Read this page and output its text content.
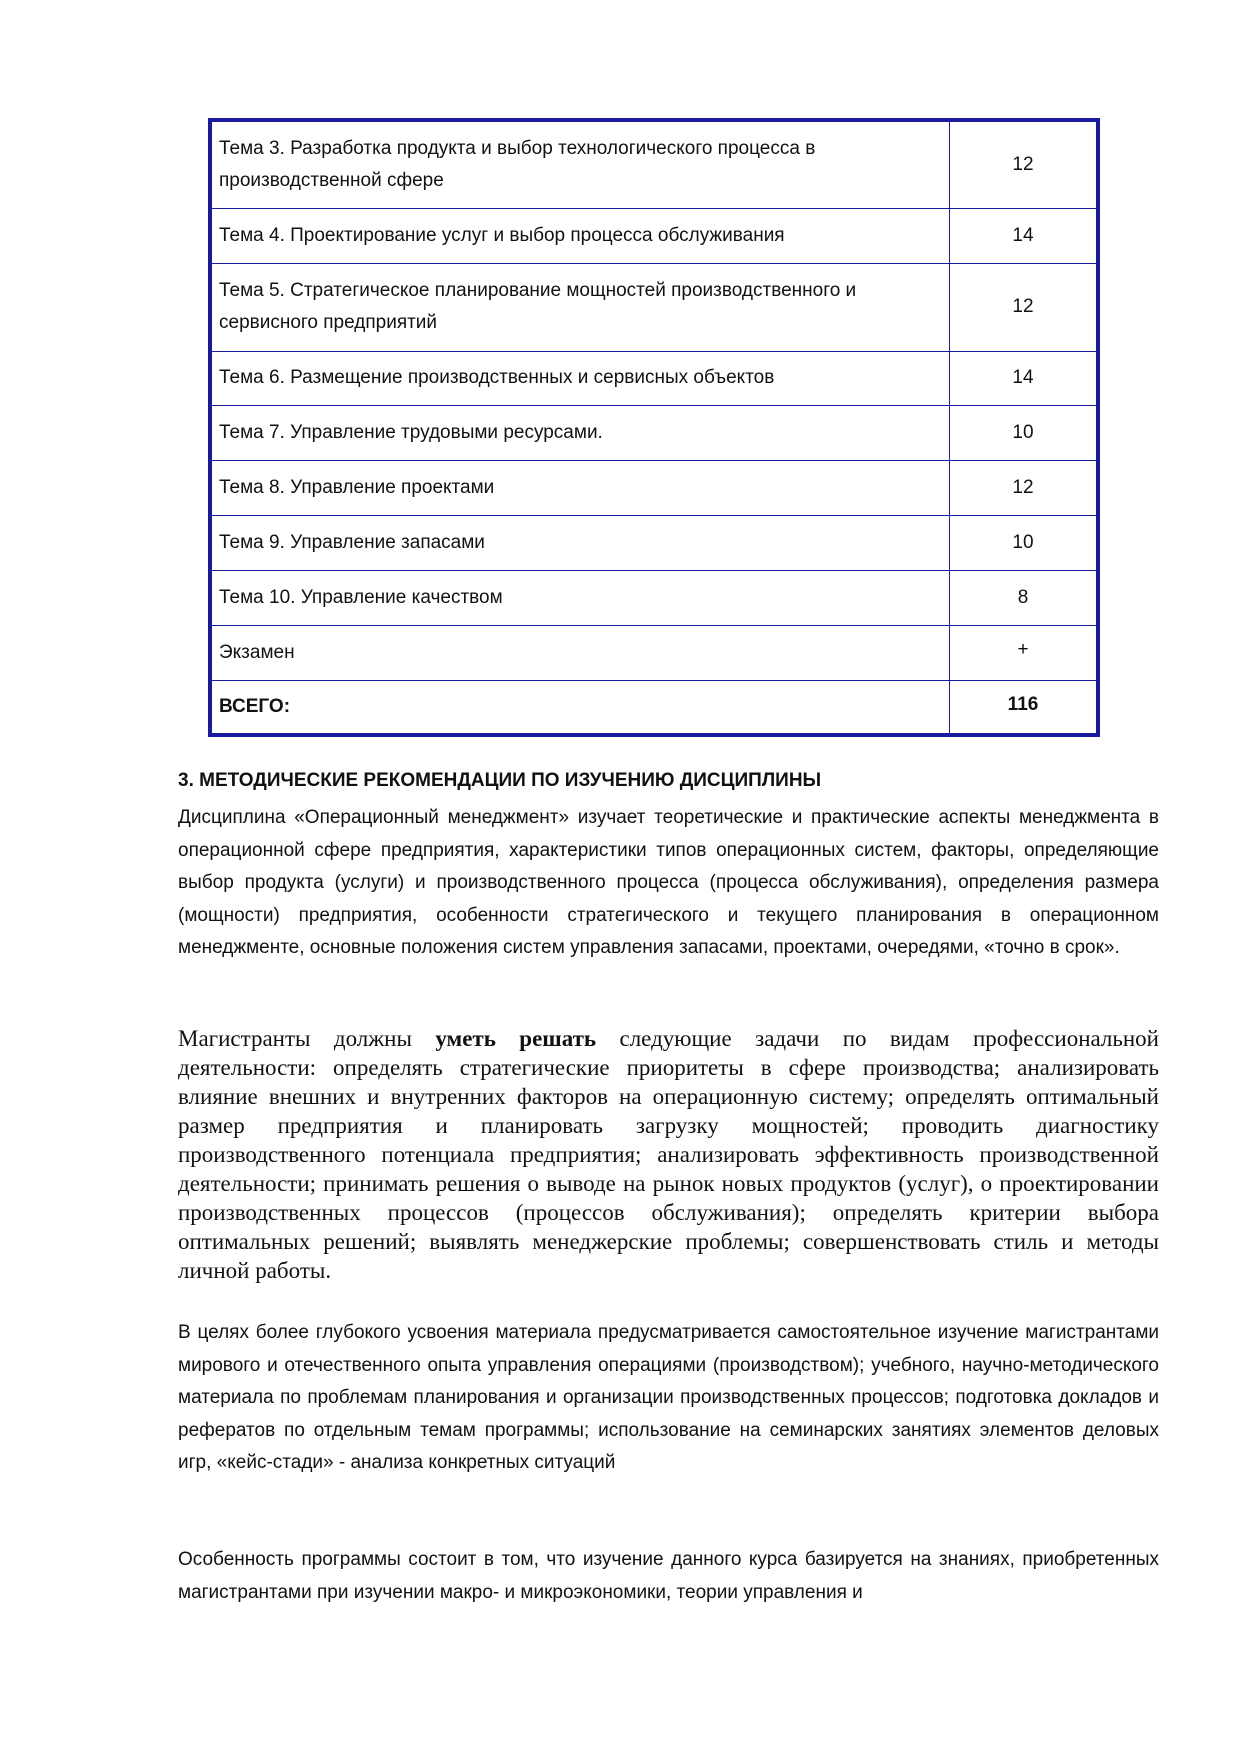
Тема 3. Разработка продукта и выбор технологического процесса в производственной сфере	12
Тема 4. Проектирование услуг и выбор процесса обслуживания	14
Тема 5. Стратегическое планирование мощностей производственного и сервисного предприятий	12
Тема 6. Размещение производственных и сервисных объектов	14
Тема 7. Управление трудовыми ресурсами.	10
Тема 8. Управление проектами	12
Тема 9. Управление запасами	10
Тема 10. Управление качеством	8
Экзамен	+
ВСЕГО:	116
3. МЕТОДИЧЕСКИЕ РЕКОМЕНДАЦИИ ПО ИЗУЧЕНИЮ ДИСЦИПЛИНЫ
Дисциплина «Операционный менеджмент» изучает теоретические и практические аспекты менеджмента в операционной сфере предприятия, характеристики типов операционных систем, факторы, определяющие выбор продукта (услуги) и производственного процесса (процесса обслуживания), определения размера (мощности) предприятия, особенности стратегического и текущего планирования в операционном менеджменте, основные положения систем управления запасами, проектами, очередями, «точно в срок».
Магистранты должны уметь решать следующие задачи по видам профессиональной деятельности: определять стратегические приоритеты в сфере производства; анализировать влияние внешних и внутренних факторов на операционную систему; определять оптимальный размер предприятия и планировать загрузку мощностей; проводить диагностику производственного потенциала предприятия; анализировать эффективность производственной деятельности; принимать решения о выводе на рынок новых продуктов (услуг), о проектировании производственных процессов (процессов обслуживания); определять критерии выбора оптимальных решений; выявлять менеджерские проблемы; совершенствовать стиль и методы личной работы.
В целях более глубокого усвоения материала предусматривается самостоятельное изучение магистрантами мирового и отечественного опыта управления операциями (производством); учебного, научно-методического материала по проблемам планирования и организации производственных процессов; подготовка докладов и рефератов по отдельным темам программы; использование на семинарских занятиях элементов деловых игр, «кейс-стади» - анализа конкретных ситуаций
Особенность программы состоит в том, что изучение данного курса базируется на знаниях, приобретенных магистрантами при изучении макро- и микроэкономики, теории управления и
